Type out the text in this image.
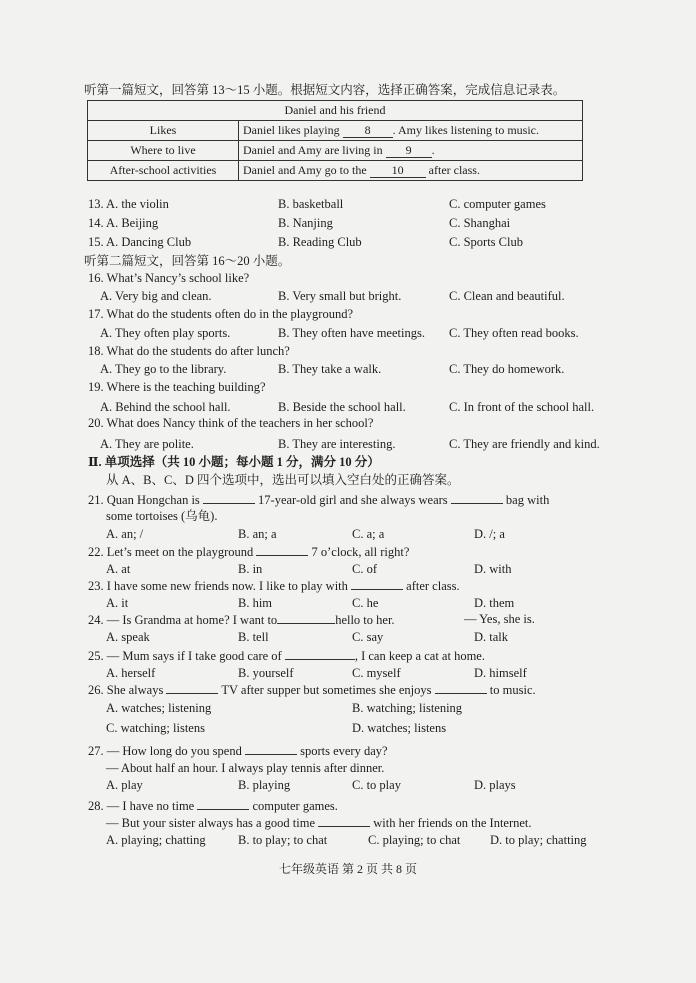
听第一篇短文，回答第 13～15 小题。根据短文内容，选择正确答案，完成信息记录表。
Daniel and his friend	
Likes	Daniel likes playing 8 . Amy likes listening to music.
Where to live	Daniel and Amy are living in 9 .
After-school activities	Daniel and Amy go to the 10 after class.
13. A. the violin	B. basketball	C. computer games
14. A. Beijing	B. Nanjing	C. Shanghai
15. A. Dancing Club	B. Reading Club	C. Sports Club
听第二篇短文，回答第 16～20 小题。
16. What’s Nancy’s school like?
A. Very big and clean.	B. Very small but bright.	C. Clean and beautiful.
17. What do the students often do in the playground?
A. They often play sports.	B. They often have meetings. C. They often read books.
18. What do the students do after lunch?
A. They go to the library.	B. They take a walk.	C. They do homework.
19. Where is the teaching building?
A. Behind the school hall.	B. Beside the school hall.	C. In front of the school hall.
20. What does Nancy think of the teachers in her school?
A. They are polite.	B. They are interesting.	C. They are friendly and kind.
Ⅱ. 单项选择（共 10 小题；每小题 1 分，满分 10 分）
从 A、B、C、D 四个选项中，选出可以填入空白处的正确答案。
21. Quan Hongchan is	17-year-old girl and she always wears	bag with
some tortoises (乌龟).
A. an; /	B. an; a	C. a; a	D. /; a
22. Let’s meet on the playground	7 o’clock, all right?
A. at	B. in	C. of	D. with
23. I have some new friends now. I like to play with	after class.
A. it	B. him	C. he	D. them
24. — Is Grandma at home? I want to	hello to her.	— Yes, she is.
A. speak	B. tell	C. say	D. talk
25. — Mum says if I take good care of	, I can keep a cat at home.
A. herself	B. yourself	C. myself	D. himself
26. She always	TV after supper but sometimes she enjoys	to music.
A. watches; listening	B. watching; listening
C. watching; listens	D. watches; listens
27. — How long do you spend	sports every day?
— About half an hour. I always play tennis after dinner.
A. play	B. playing	C. to play	D. plays
28. — I have no time	computer games.
— But your sister always has a good time	with her friends on the Internet.
A. playing; chatting	B. to play; to chat	C. playing; to chat D. to play; chatting
七年级英语 第 2 页 共 8 页
